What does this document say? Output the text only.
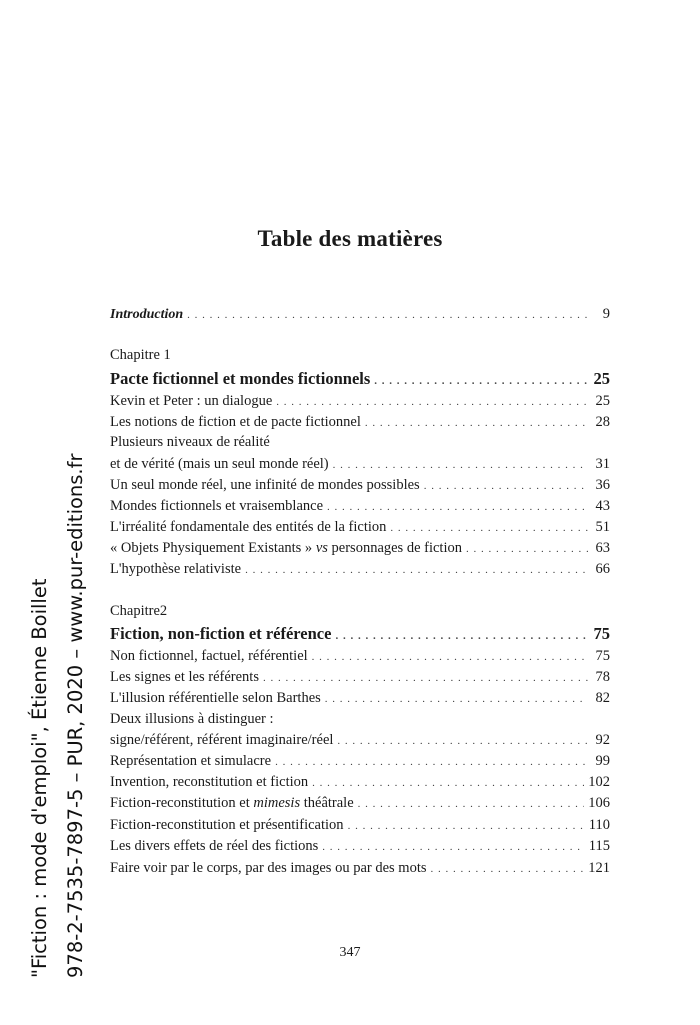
Table des matières
Introduction . . .	9
Chapitre 1
Pacte fictionnel et mondes fictionnels . . .	25
Kevin et Peter : un dialogue . . .	25
Les notions de fiction et de pacte fictionnel . . .	28
Plusieurs niveaux de réalité
et de vérité (mais un seul monde réel) . . .	31
Un seul monde réel, une infinité de mondes possibles . . .	36
Mondes fictionnels et vraisemblance . . .	43
L'irréalité fondamentale des entités de la fiction . . .	51
« Objets Physiquement Existants » vs personnages de fiction . . .	63
L'hypothèse relativiste . . .	66
Chapitre2
Fiction, non-fiction et référence . . .	75
Non fictionnel, factuel, référentiel . . .	75
Les signes et les référents . . .	78
L'illusion référentielle selon Barthes . . .	82
Deux illusions à distinguer :
signe/référent, référent imaginaire/réel . . .	92
Représentation et simulacre . . .	99
Invention, reconstitution et fiction . . .	102
Fiction-reconstitution et mimesis théâtrale . . .	106
Fiction-reconstitution et présentification . . .	110
Les divers effets de réel des fictions . . .	115
Faire voir par le corps, par des images ou par des mots . . .	121
347
"Fiction : mode d'emploi", Étienne Boillet 978-2-7535-7897-5 – PUR, 2020 – www.pur-editions.fr
